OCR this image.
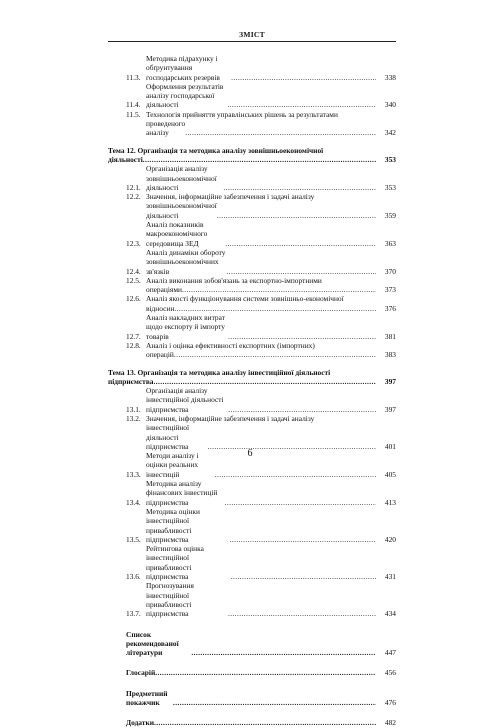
ЗМІСТ
11.3.
Методика підрахунку і обґрунтування господарських резервів .....	338
11.4.
Оформлення результатів аналізу господарської діяльності .....	340
11.5. Технологія прийняття управлінських рішень за результатами
проведеного аналізу .....	342
Тема 12. Організація та методика аналізу зовнішньоекономічної
діяльності .....	353
12.1.
Організація аналізу зовнішньоекономічної діяльності .....	353
12.2. Значення, інформаційне забезпечення і задачі аналізу
зовнішньоекономічної діяльності .....	359
12.3.
Аналіз показників макроекономічного середовища ЗЕД .....	363
12.4.
Аналіз динаміки обороту зовнішньоекономічних зв'язків .....	370
12.5. Аналіз виконання зобов'язань за експортно-імпортними
операціями .....	373
12.6. Аналіз якості функціонування системи зовнішньо-економічної
відносин .....	376
12.7.
Аналіз накладних витрат щодо експорту й імпорту товарів .....	381
12.8. Аналіз і оцінка ефективності експортних (імпортних)
операцій .....	383
Тема 13. Організація та методика аналізу інвестиційної діяльності
підприємства .....	397
13.1.
Організація аналізу інвестиційної діяльності підприємства .....	397
13.2. Значення, інформаційне забезпечення і задачі аналізу
інвестиційної діяльності підприємства .....	401
13.3.
Методи аналізу і оцінки реальних інвестицій .....	405
13.4.
Методика аналізу фінансових інвестицій підприємства .....	413
13.5.
Методика оцінки інвестиційної привабливості підприємства .....	420
13.6.
Рейтингова оцінка інвестиційної привабливості підприємства .....	431
13.7.
Прогнозування інвестиційної привабливості підприємства .....	434
Список рекомендованої літератури .....	447
Глосарій .....	456
Предметний покажчик .....	476
Додатки .....	482
6
